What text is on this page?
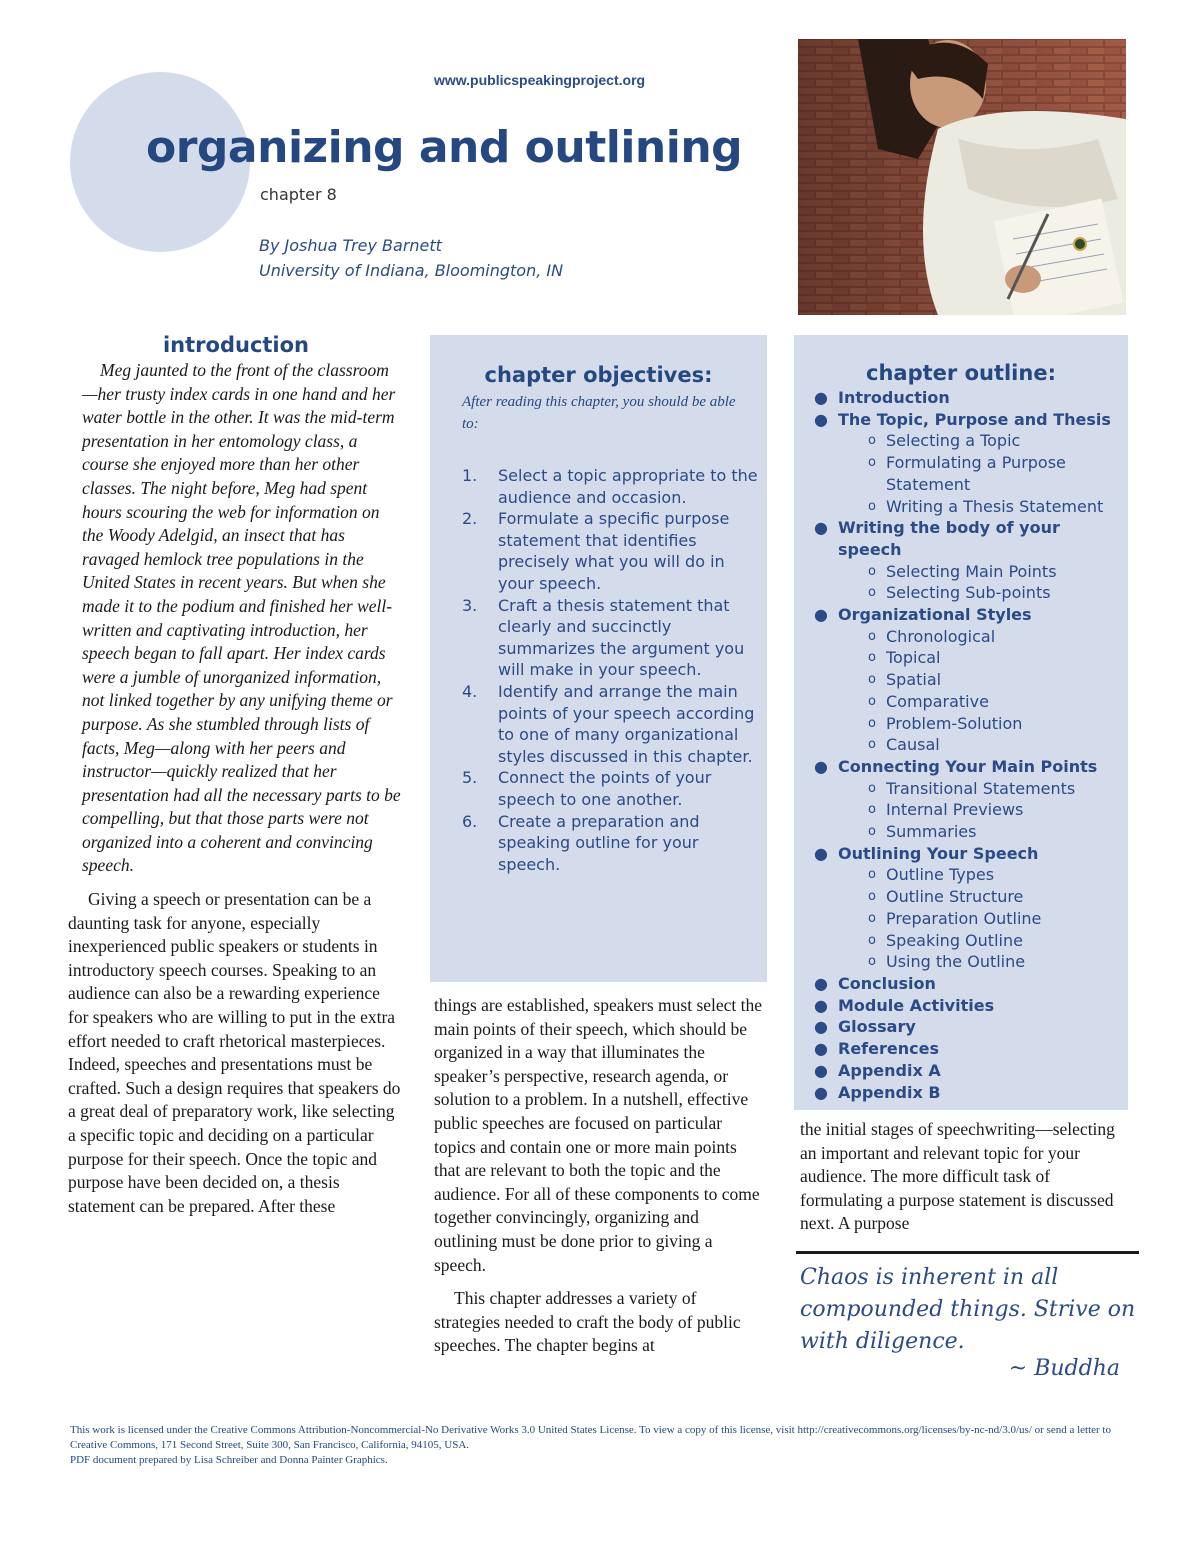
www.publicspeakingproject.org
organizing and outlining
chapter 8
By Joshua Trey Barnett
University of Indiana, Bloomington, IN
introduction

Meg jaunted to the front of the classroom—her trusty index cards in one hand and her water bottle in the other. It was the mid-term presentation in her entomology class, a course she enjoyed more than her other classes. The night before, Meg had spent hours scouring the web for information on the Woody Adelgid, an insect that has ravaged hemlock tree populations in the United States in recent years. But when she made it to the podium and finished her well-written and captivating introduction, her speech began to fall apart. Her index cards were a jumble of unorganized information, not linked together by any unifying theme or purpose. As she stumbled through lists of facts, Meg—along with her peers and instructor—quickly realized that her presentation had all the necessary parts to be compelling, but that those parts were not organized into a coherent and convincing speech.

Giving a speech or presentation can be a daunting task for anyone, especially inexperienced public speakers or students in introductory speech courses. Speaking to an audience can also be a rewarding experience for speakers who are willing to put in the extra effort needed to craft rhetorical masterpieces. Indeed, speeches and presentations must be crafted. Such a design requires that speakers do a great deal of preparatory work, like selecting a specific topic and deciding on a particular purpose for their speech. Once the topic and purpose have been decided on, a thesis statement can be prepared. After these

chapter objectives:
After reading this chapter, you should be able to:
1. Select a topic appropriate to the audience and occasion.
2. Formulate a specific purpose statement that identifies precisely what you will do in your speech.
3. Craft a thesis statement that clearly and succinctly summarizes the argument you will make in your speech.
4. Identify and arrange the main points of your speech according to one of many organizational styles discussed in this chapter.
5. Connect the points of your speech to one another.
6. Create a preparation and speaking outline for your speech.

things are established, speakers must select the main points of their speech, which should be organized in a way that illuminates the speaker’s perspective, research agenda, or solution to a problem. In a nutshell, effective public speeches are focused on particular topics and contain one or more main points that are relevant to both the topic and the audience. For all of these components to come together convincingly, organizing and outlining must be done prior to giving a speech.

This chapter addresses a variety of strategies needed to craft the body of public speeches. The chapter begins at

chapter outline:
● Introduction
● The Topic, Purpose and Thesis
o Selecting a Topic
o Formulating a Purpose Statement
o Writing a Thesis Statement
● Writing the body of your speech
o Selecting Main Points
o Selecting Sub-points
● Organizational Styles
o Chronological
o Topical
o Spatial
o Comparative
o Problem-Solution
o Causal
● Connecting Your Main Points
o Transitional Statements
o Internal Previews
o Summaries
● Outlining Your Speech
o Outline Types
o Outline Structure
o Preparation Outline
o Speaking Outline
o Using the Outline
● Conclusion
● Module Activities
● Glossary
● References
● Appendix A
● Appendix B

the initial stages of speechwriting—selecting an important and relevant topic for your audience. The more difficult task of formulating a purpose statement is discussed next. A purpose

Chaos is inherent in all compounded things. Strive on with diligence.
~ Buddha
This work is licensed under the Creative Commons Attribution-Noncommercial-No Derivative Works 3.0 United States License. To view a copy of this license, visit http://creativecommons.org/licenses/by-nc-nd/3.0/us/ or send a letter to Creative Commons, 171 Second Street, Suite 300, San Francisco, California, 94105, USA.
PDF document prepared by Lisa Schreiber and Donna Painter Graphics.
